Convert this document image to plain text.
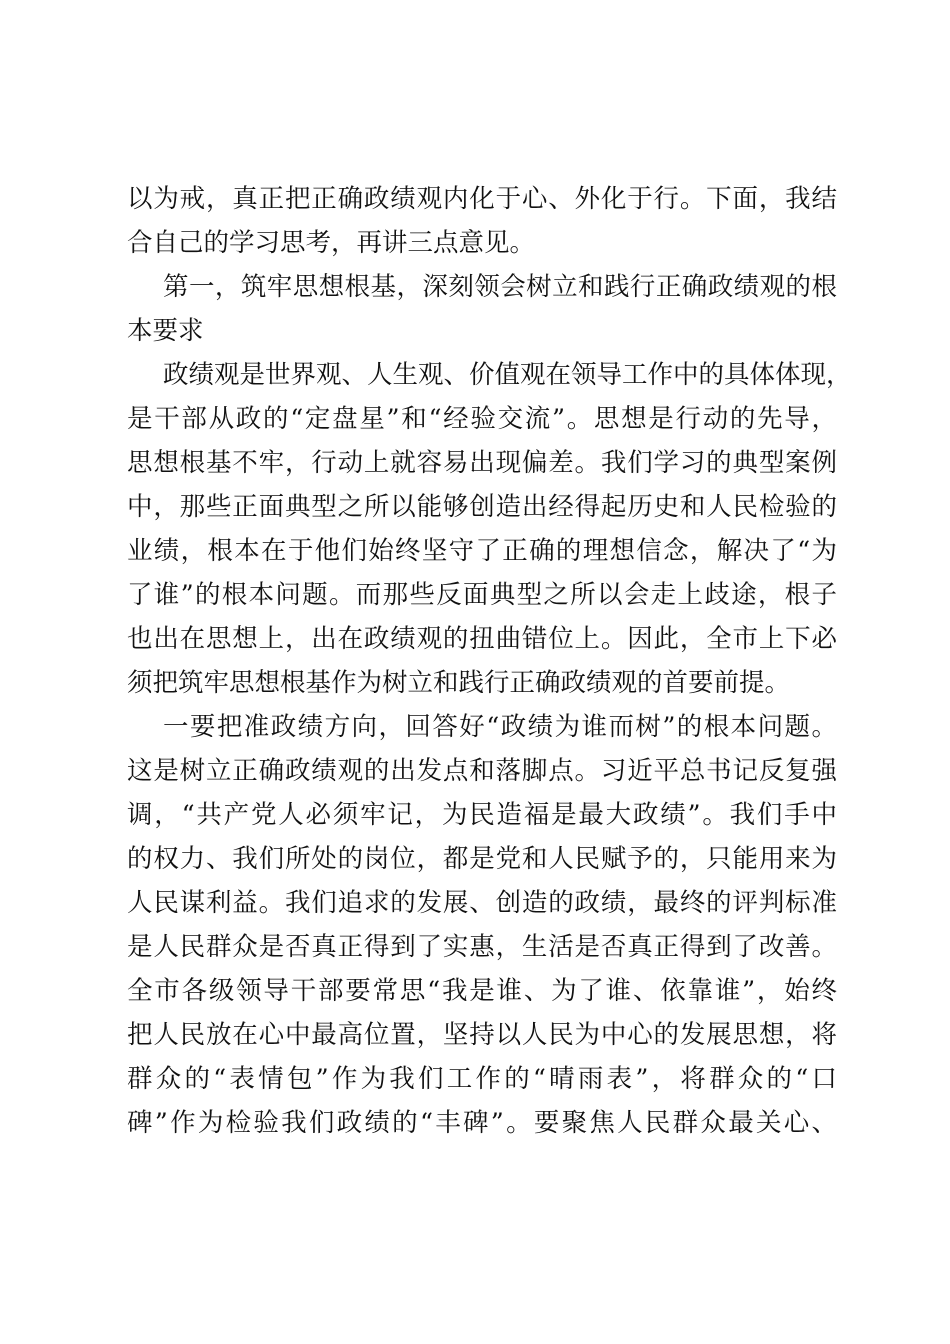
以为戒，真正把正确政绩观内化于心、外化于行。下面，我结
合自己的学习思考，再讲三点意见。
第一，筑牢思想根基，深刻领会树立和践行正确政绩观的根
本要求
政绩观是世界观、人生观、价值观在领导工作中的具体体现，
是干部从政的“定盘星”和“经验交流”。思想是行动的先导，
思想根基不牢，行动上就容易出现偏差。我们学习的典型案例
中，那些正面典型之所以能够创造出经得起历史和人民检验的
业绩，根本在于他们始终坚守了正确的理想信念，解决了“为
了谁”的根本问题。而那些反面典型之所以会走上歧途，根子
也出在思想上，出在政绩观的扭曲错位上。因此，全市上下必
须把筑牢思想根基作为树立和践行正确政绩观的首要前提。
一要把准政绩方向，回答好“政绩为谁而树”的根本问题。
这是树立正确政绩观的出发点和落脚点。习近平总书记反复强
调，“共产党人必须牢记，为民造福是最大政绩”。我们手中
的权力、我们所处的岗位，都是党和人民赋予的，只能用来为
人民谋利益。我们追求的发展、创造的政绩，最终的评判标准
是人民群众是否真正得到了实惠，生活是否真正得到了改善。
全市各级领导干部要常思“我是谁、为了谁、依靠谁”，始终
把人民放在心中最高位置，坚持以人民为中心的发展思想，将
群众的“表情包”作为我们工作的“晴雨表”，将群众的“口
碑”作为检验我们政绩的“丰碑”。要聚焦人民群众最关心、
